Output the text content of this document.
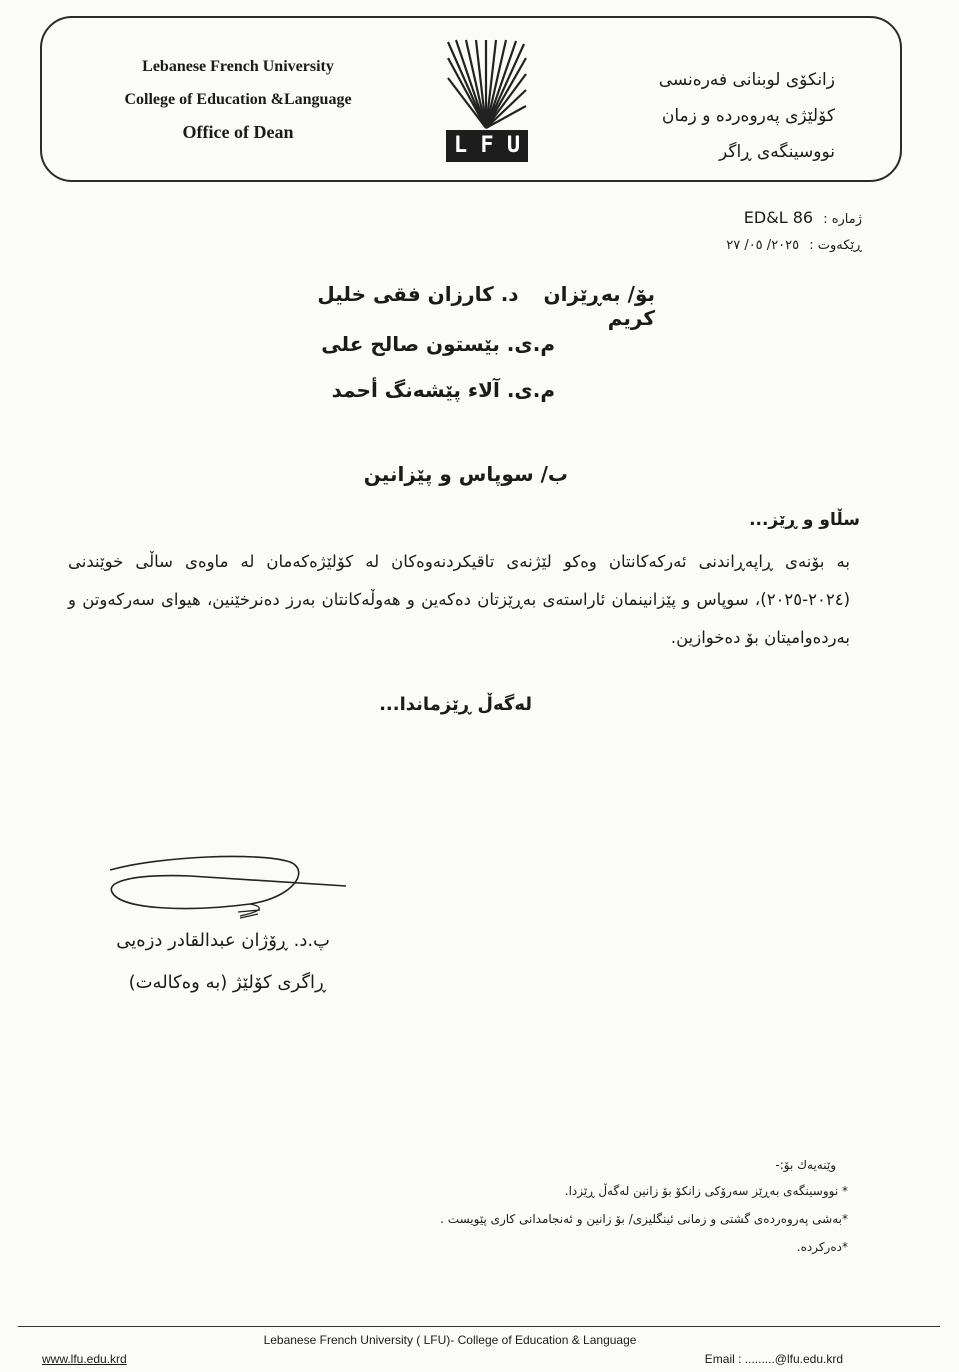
Lebanese French University
College of Education &Language
Office of Dean
L F U
زانكۆی لوبنانی فەرەنسی
كۆلێژی پەروەردە و زمان
نووسینگەی ڕاگر
ژمارە : ED&L 86
ڕێكەوت : ٢٠٢٥/ ٠٥/ ٢٧
بۆ/ بەڕێزان د. كارزان فقی خلیل كريم
م.ی. بێستون صالح علی
م.ی. آلاء پێشەنگ أحمد
ب/ سوپاس و پێزانین
سڵاو و ڕێز...
بە بۆنەی ڕاپەڕاندنی ئەركەكانتان وەكو لێژنەی تاقیكردنەوەكان لە كۆلێژەكەمان لە ماوەی ساڵی خوێندنی (٢٠٢٤-٢٠٢٥)، سوپاس و پێزانینمان ئاراستەی بەڕێزتان دەكەین و هەوڵەكانتان بەرز دەنرخێنین، هیوای سەركەوتن و بەردەوامیتان بۆ دەخوازین.
لەگەڵ ڕێزماندا...
پ.د. ڕۆژان عبدالقادر دزەیی
ڕاگری كۆلێژ (بە وەكالەت)
وێنەیەك بۆ:-
* نووسینگەی بەڕێز سەرۆكی زانكۆ بۆ زانین لەگەڵ ڕێزدا.
*بەشی پەروەردەی گشتی و زمانی ئینگلیزی/ بۆ زانین و ئەنجامدانی كاری پێویست .
*دەرکردە.
Lebanese French University ( LFU)- College of Education & Language
www.lfu.edu.krd	Email : .........@lfu.edu.krd
